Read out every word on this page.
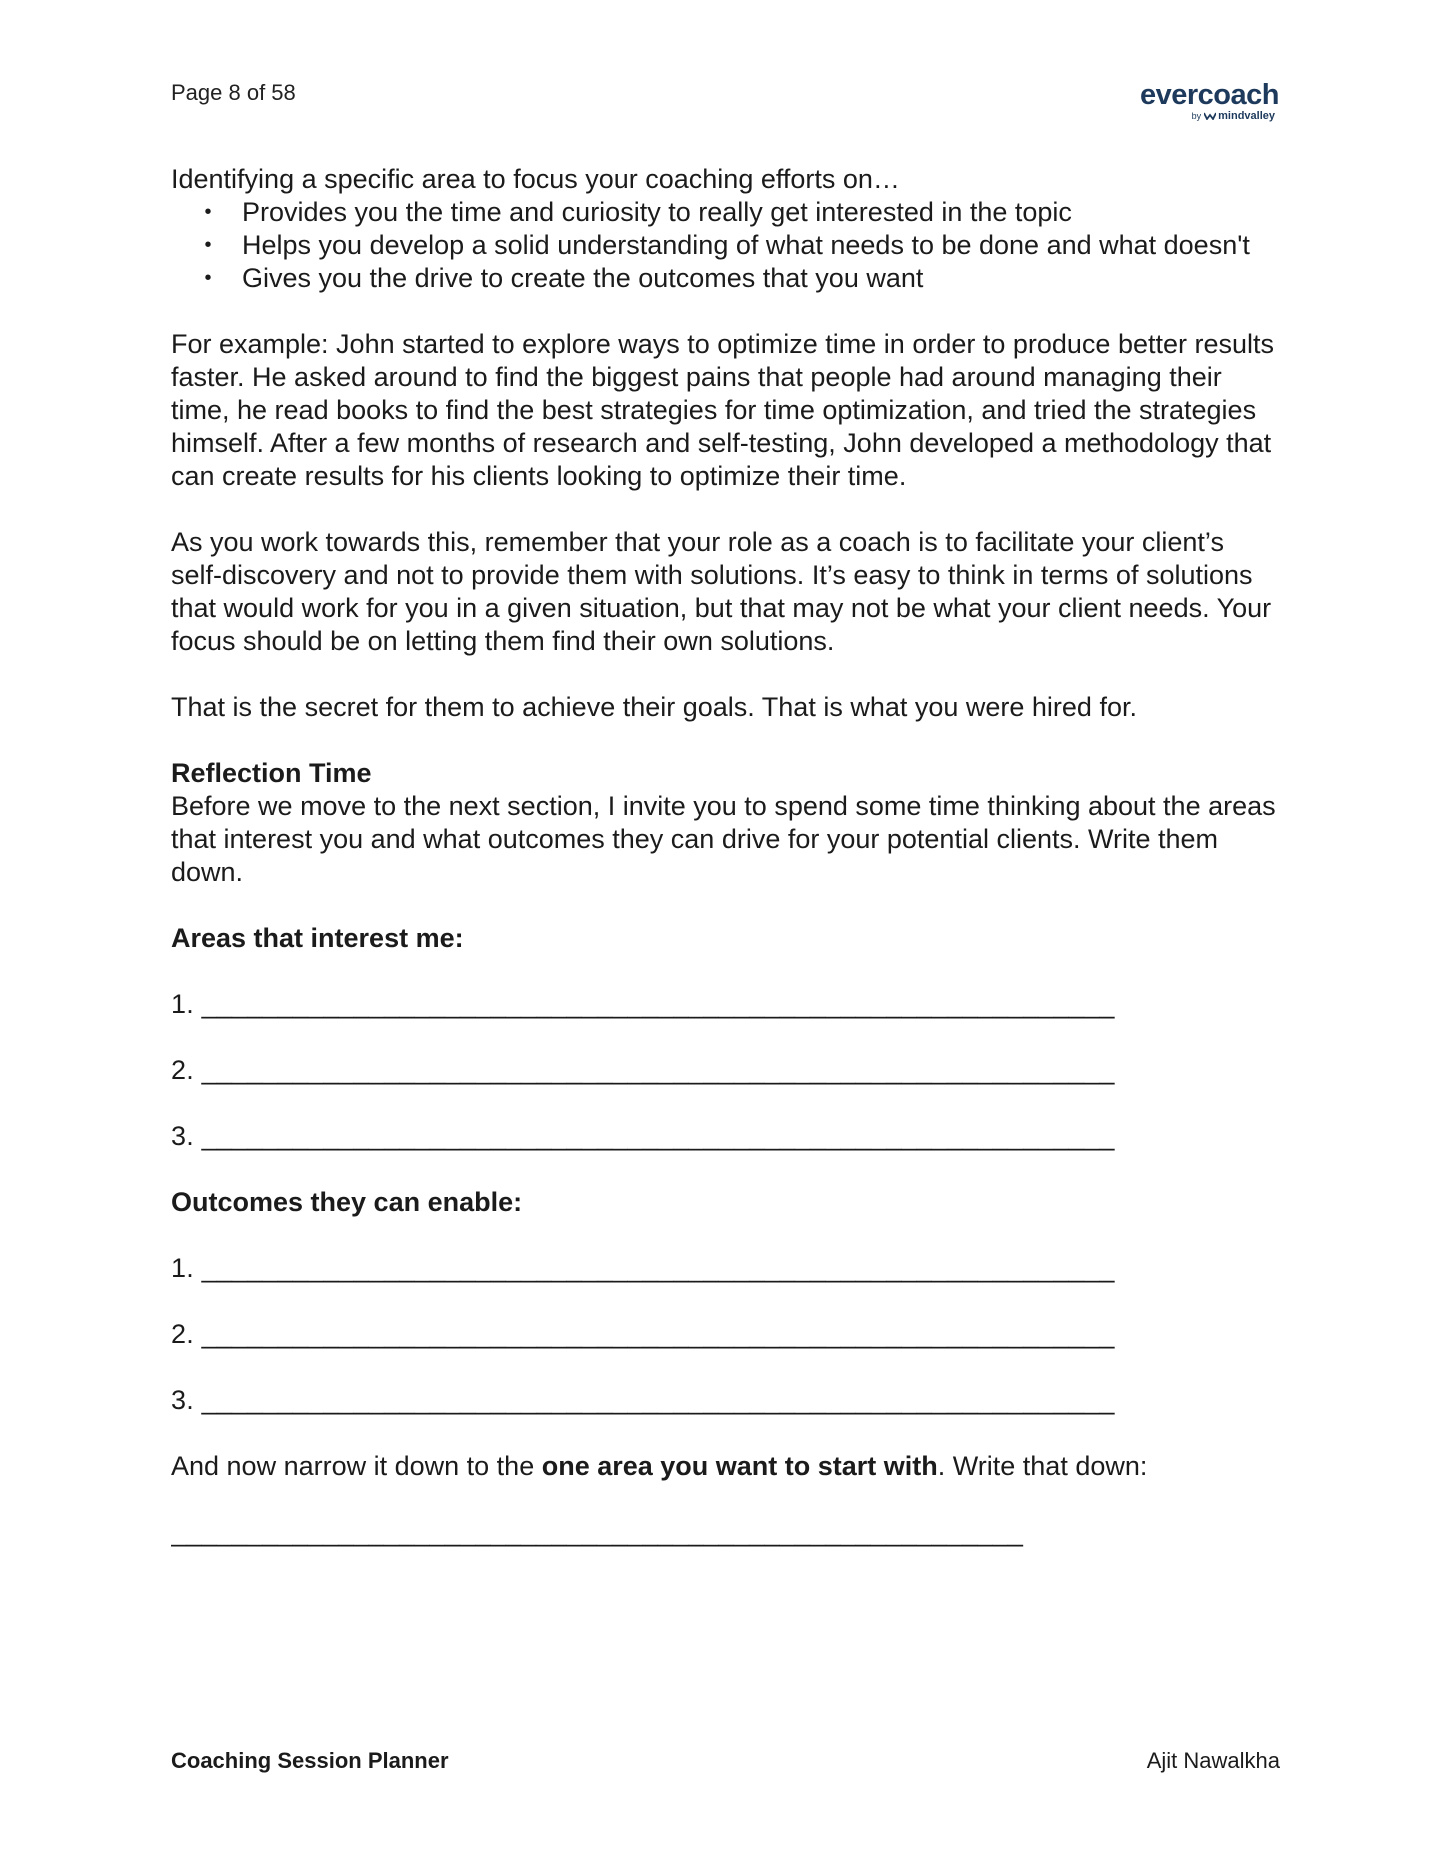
Page 8 of 58	evercoach
by mindvalley

Identifying a specific area to focus your coaching efforts on…

• Provides you the time and curiosity to really get interested in the topic
• Helps you develop a solid understanding of what needs to be done and what doesn't
• Gives you the drive to create the outcomes that you want

For example: John started to explore ways to optimize time in order to produce better results faster. He asked around to find the biggest pains that people had around managing their time, he read books to find the best strategies for time optimization, and tried the strategies himself. After a few months of research and self-testing, John developed a methodology that can create results for his clients looking to optimize their time.

As you work towards this, remember that your role as a coach is to facilitate your client’s self-discovery and not to provide them with solutions. It’s easy to think in terms of solutions that would work for you in a given situation, but that may not be what your client needs. Your focus should be on letting them find their own solutions.

That is the secret for them to achieve their goals. That is what you were hired for.

Reflection Time

Before we move to the next section, I invite you to spend some time thinking about the areas that interest you and what outcomes they can drive for your potential clients. Write them down.

Areas that interest me:

1. ____________________________________________________________
2. ____________________________________________________________
3. ____________________________________________________________

Outcomes they can enable:

1. ____________________________________________________________
2. ____________________________________________________________
3. ____________________________________________________________

And now narrow it down to the one area you want to start with. Write that down:

________________________________________________________
Coaching Session Planner	Ajit Nawalkha
